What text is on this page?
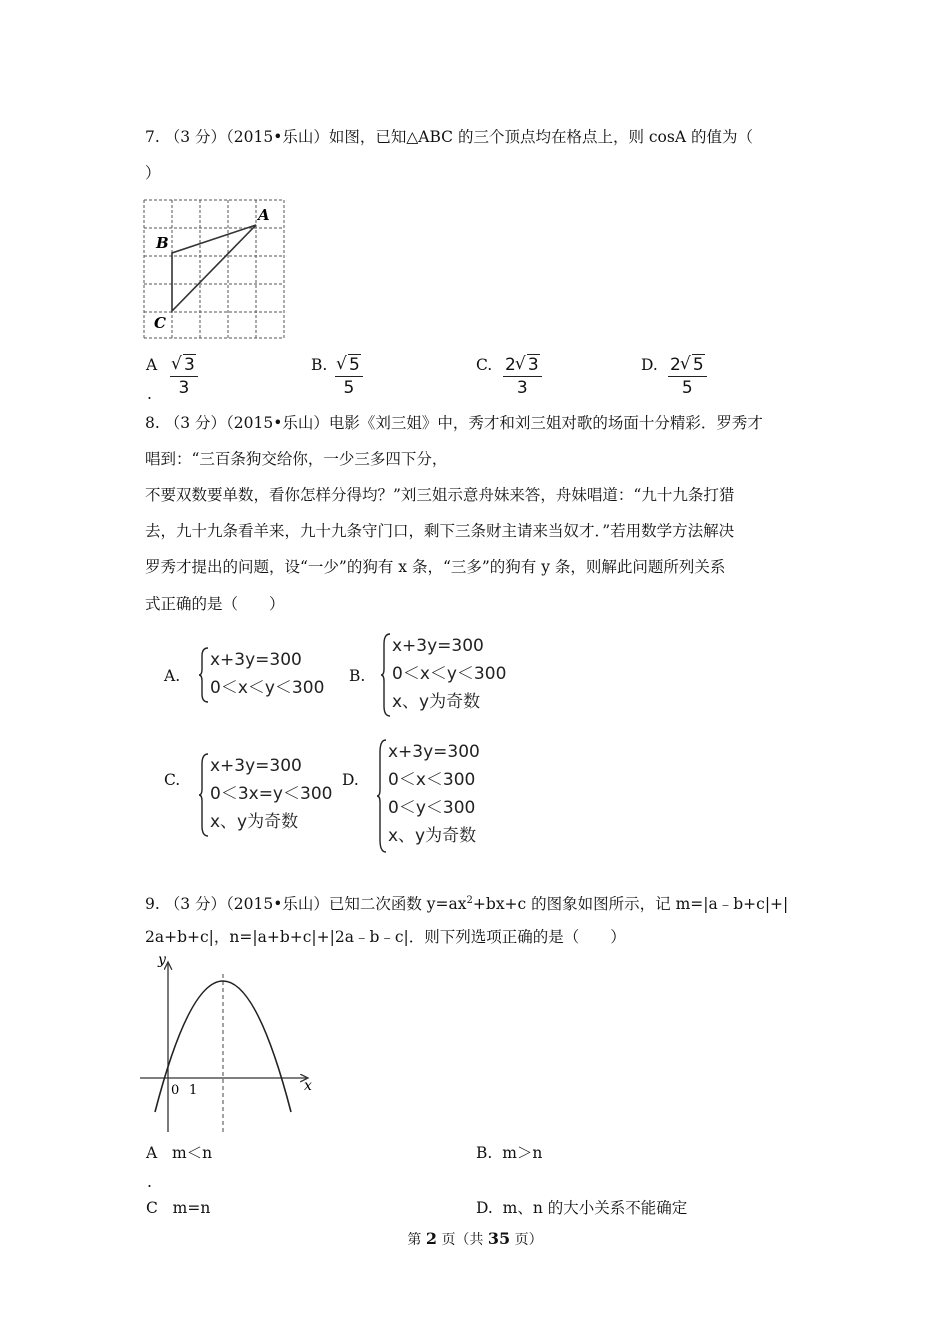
7. （3 分）（2015•乐山）如图，已知△ABC 的三个顶点均在格点上，则 cosA 的值为（
）
A
B
C
A
. √ $\frac{3}{3}$	B. √ $\frac{5}{5}$	C. $\frac{2 √ 3}{3}$	D. $\frac{2 √ 5}{5}$
8. （3 分）（2015•乐山）电影《刘三姐》中，秀才和刘三姐对歌的场面十分精彩．罗秀才
唱到：“三百条狗交给你，一少三多四下分，
不要双数要单数，看你怎样分得均？”刘三姐示意舟妹来答，舟妹唱道：“九十九条打猎
去，九十九条看羊来，九十九条守门口，剩下三条财主请来当奴才．”若用数学方法解决
罗秀才提出的问题，设“一少”的狗有 x 条，“三多”的狗有 y 条，则解此问题所列关系
式正确的是（　　）
A.
x+3y=300
0＜x＜y＜300
B.
x+3y=300
0＜x＜y＜300
x、y为奇数
C.
x+3y=300
0＜3x=y＜300
x、y为奇数
D.
x+3y=300
0＜x＜300
0＜y＜300
x、y为奇数
9. （3 分）（2015•乐山）已知二次函数 $y=ax^2+bx+c$ 的图象如图所示，记 m=|a﹣b+c|+|
2a+b+c|，n=|a+b+c|+|2a﹣b﹣c|．则下列选项正确的是（　　）
y
x
0 1
A m＜n
.
B. m＞n
C m=n	D. m、n 的大小关系不能确定
第 2 页（共 35 页）
